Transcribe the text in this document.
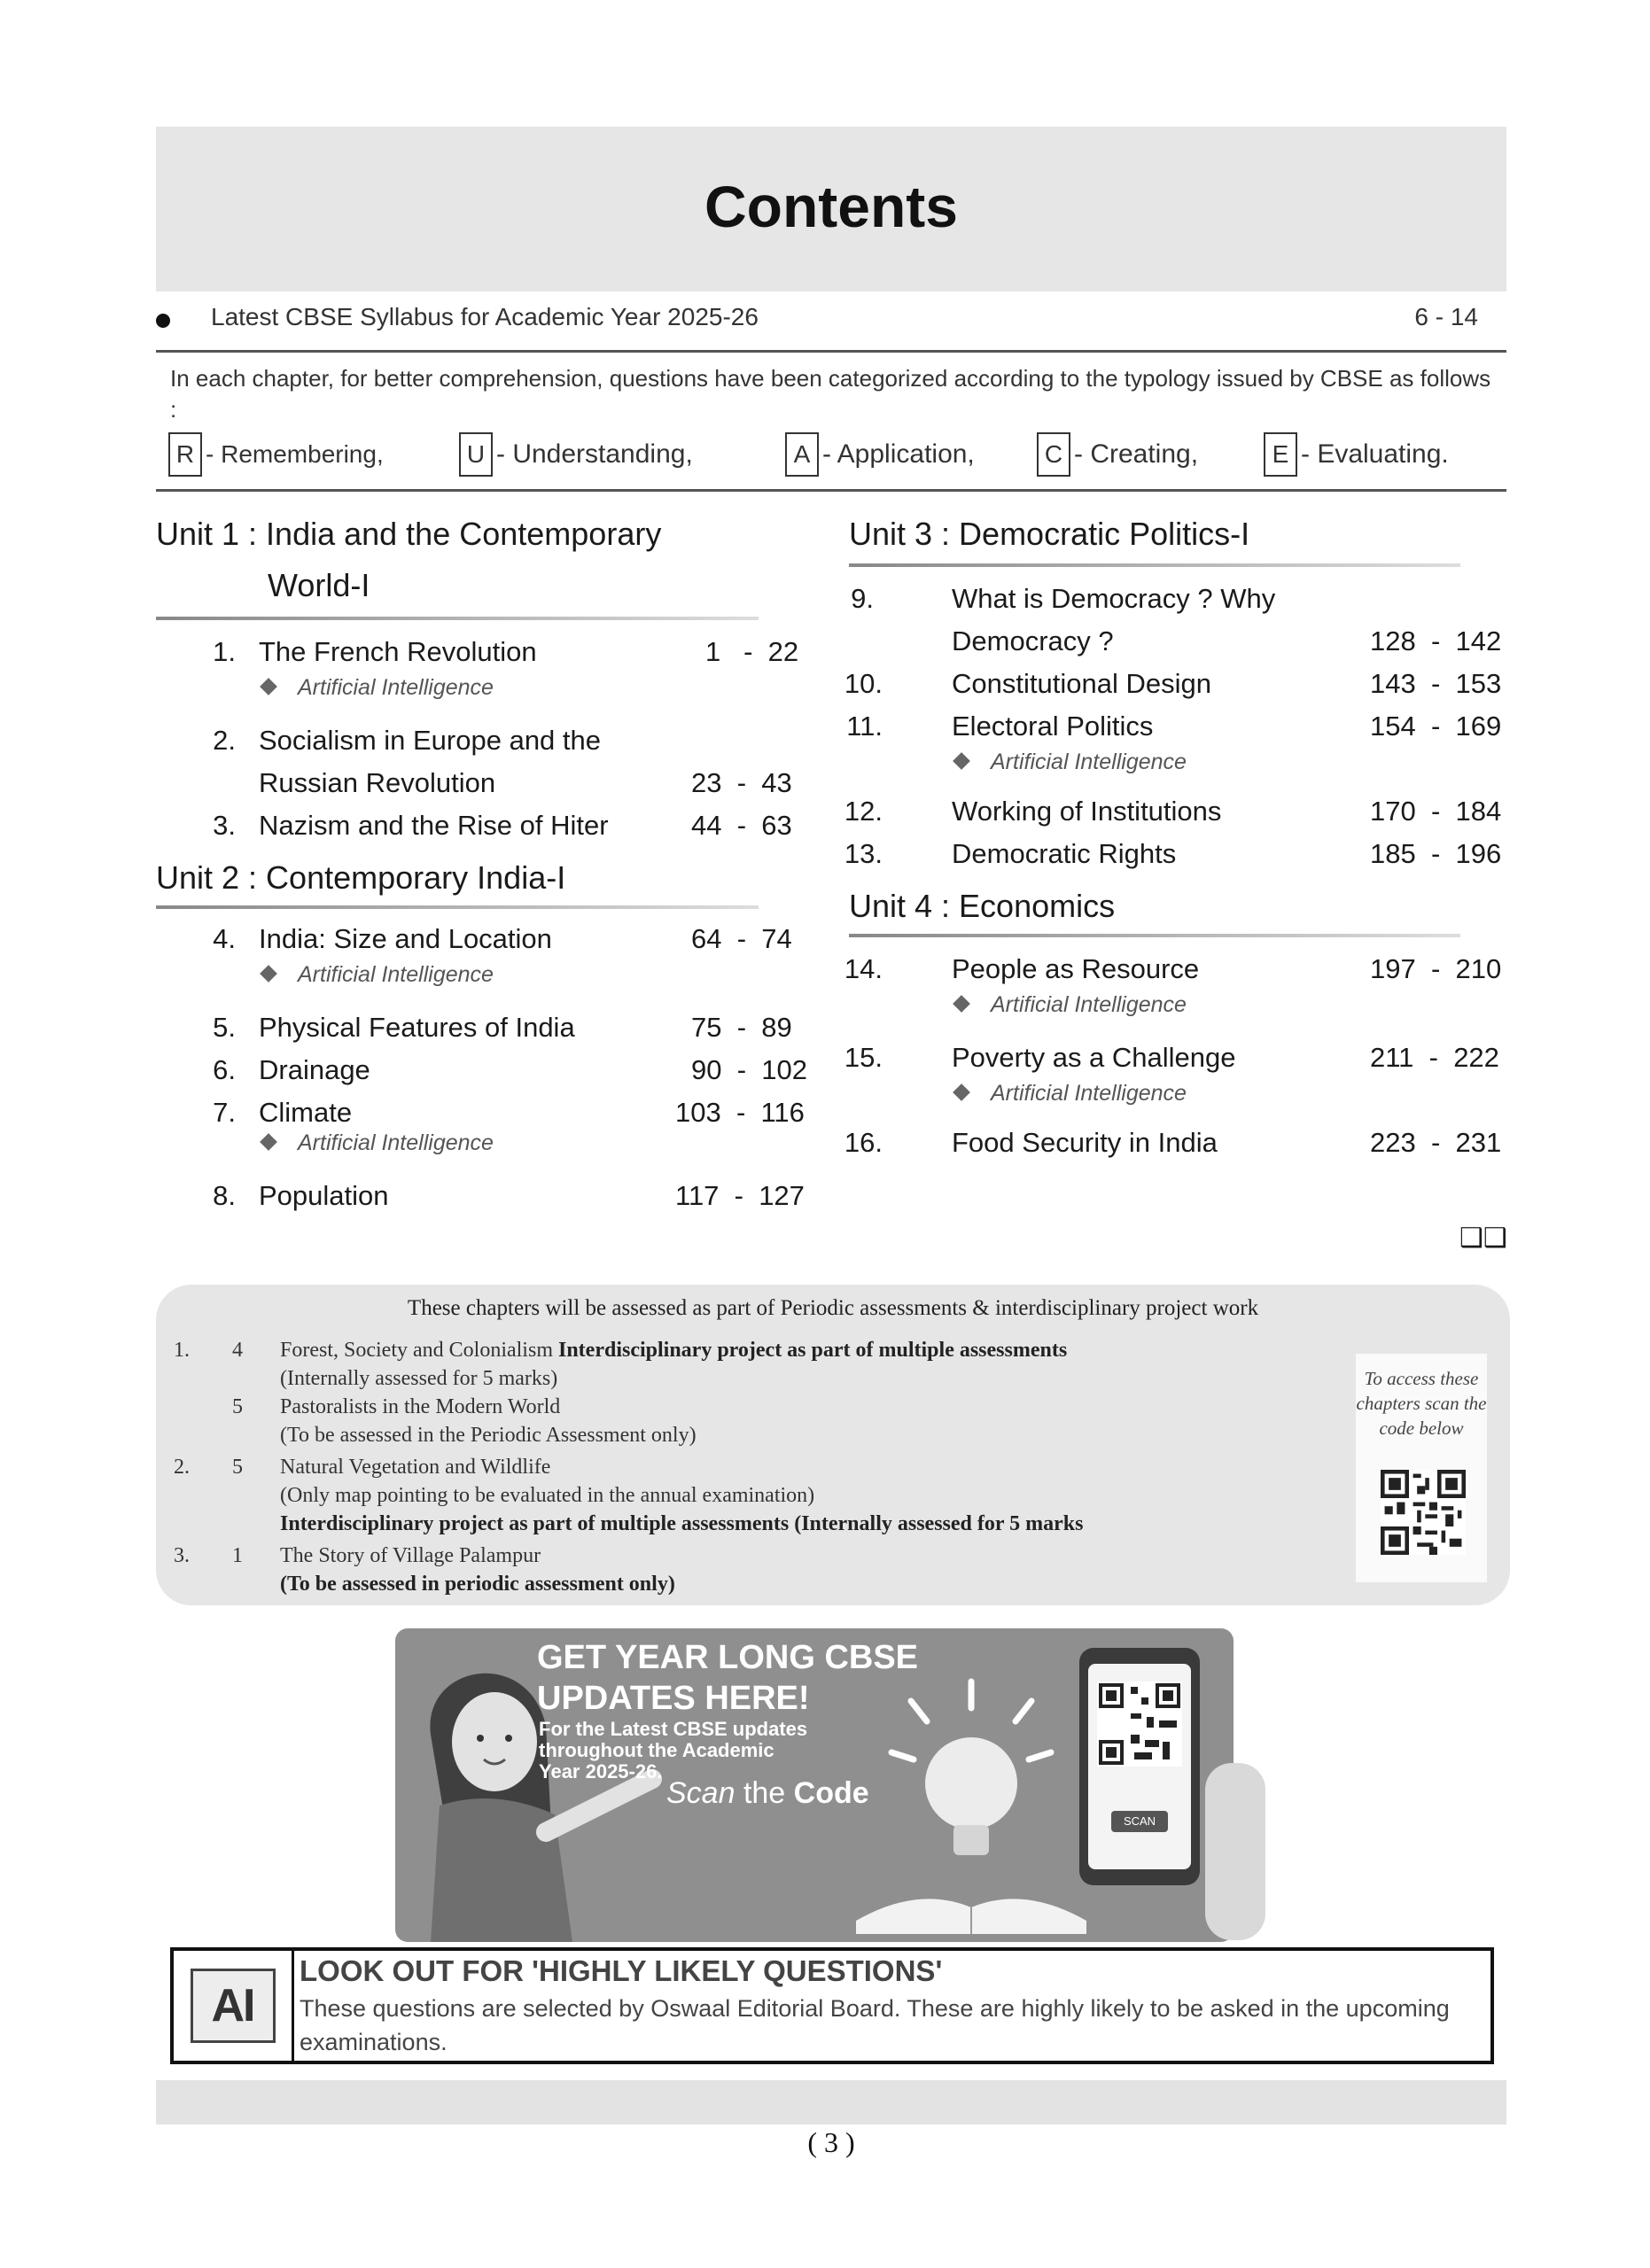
Contents
Latest CBSE Syllabus for Academic Year 2025-26	6 - 14
In each chapter, for better comprehension, questions have been categorized according to the typology issued by CBSE as follows :
R - Remembering,	U - Understanding,	A - Application,	C - Creating,	E - Evaluating.
Unit 1 : India and the Contemporary
World-I
1. The French Revolution	1   -  22
Artificial Intelligence
2. Socialism in Europe and the
Russian Revolution	23  -  43
3. Nazism and the Rise of Hiter	44  -  63
Unit 2 : Contemporary India-I
4. India: Size and Location	64  -  74
Artificial Intelligence
5. Physical Features of India	75  -  89
6. Drainage	90  -  102
7. Climate	103  -  116
Artificial Intelligence
8. Population	117  -  127
Unit 3 : Democratic Politics-I
9.	What is Democracy ? Why
Democracy ?	128  -  142
10.	Constitutional Design	143  -  153
11.	Electoral Politics	154  -  169
Artificial Intelligence
12.	Working of Institutions	170  -  184
13.	Democratic Rights	185  -  196
Unit 4 : Economics
14.	People as Resource	197  -  210
Artificial Intelligence
15.	Poverty as a Challenge	211  -  222
Artificial Intelligence
16.	Food Security in India	223  -  231
❑❑
These chapters will be assessed as part of Periodic assessments & interdisciplinary project work
1. 4 Forest, Society and Colonialism Interdisciplinary project as part of multiple assessments
(Internally assessed for 5 marks)
5 Pastoralists in the Modern World
(To be assessed in the Periodic Assessment only)
2. 5 Natural Vegetation and Wildlife
(Only map pointing to be evaluated in the annual examination)
Interdisciplinary project as part of multiple assessments (Internally assessed for 5 marks
3. 1 The Story of Village Palampur
(To be assessed in periodic assessment only)
To access these chapters scan the code below
SCAN
GET YEAR LONG CBSE
UPDATES HERE!
For the Latest CBSE updates
throughout the Academic
Year 2025-26.
Scan the Code
AI
LOOK OUT FOR 'HIGHLY LIKELY QUESTIONS'
These questions are selected by Oswaal Editorial Board. These are highly likely to be asked in the upcoming examinations.
( 3 )
